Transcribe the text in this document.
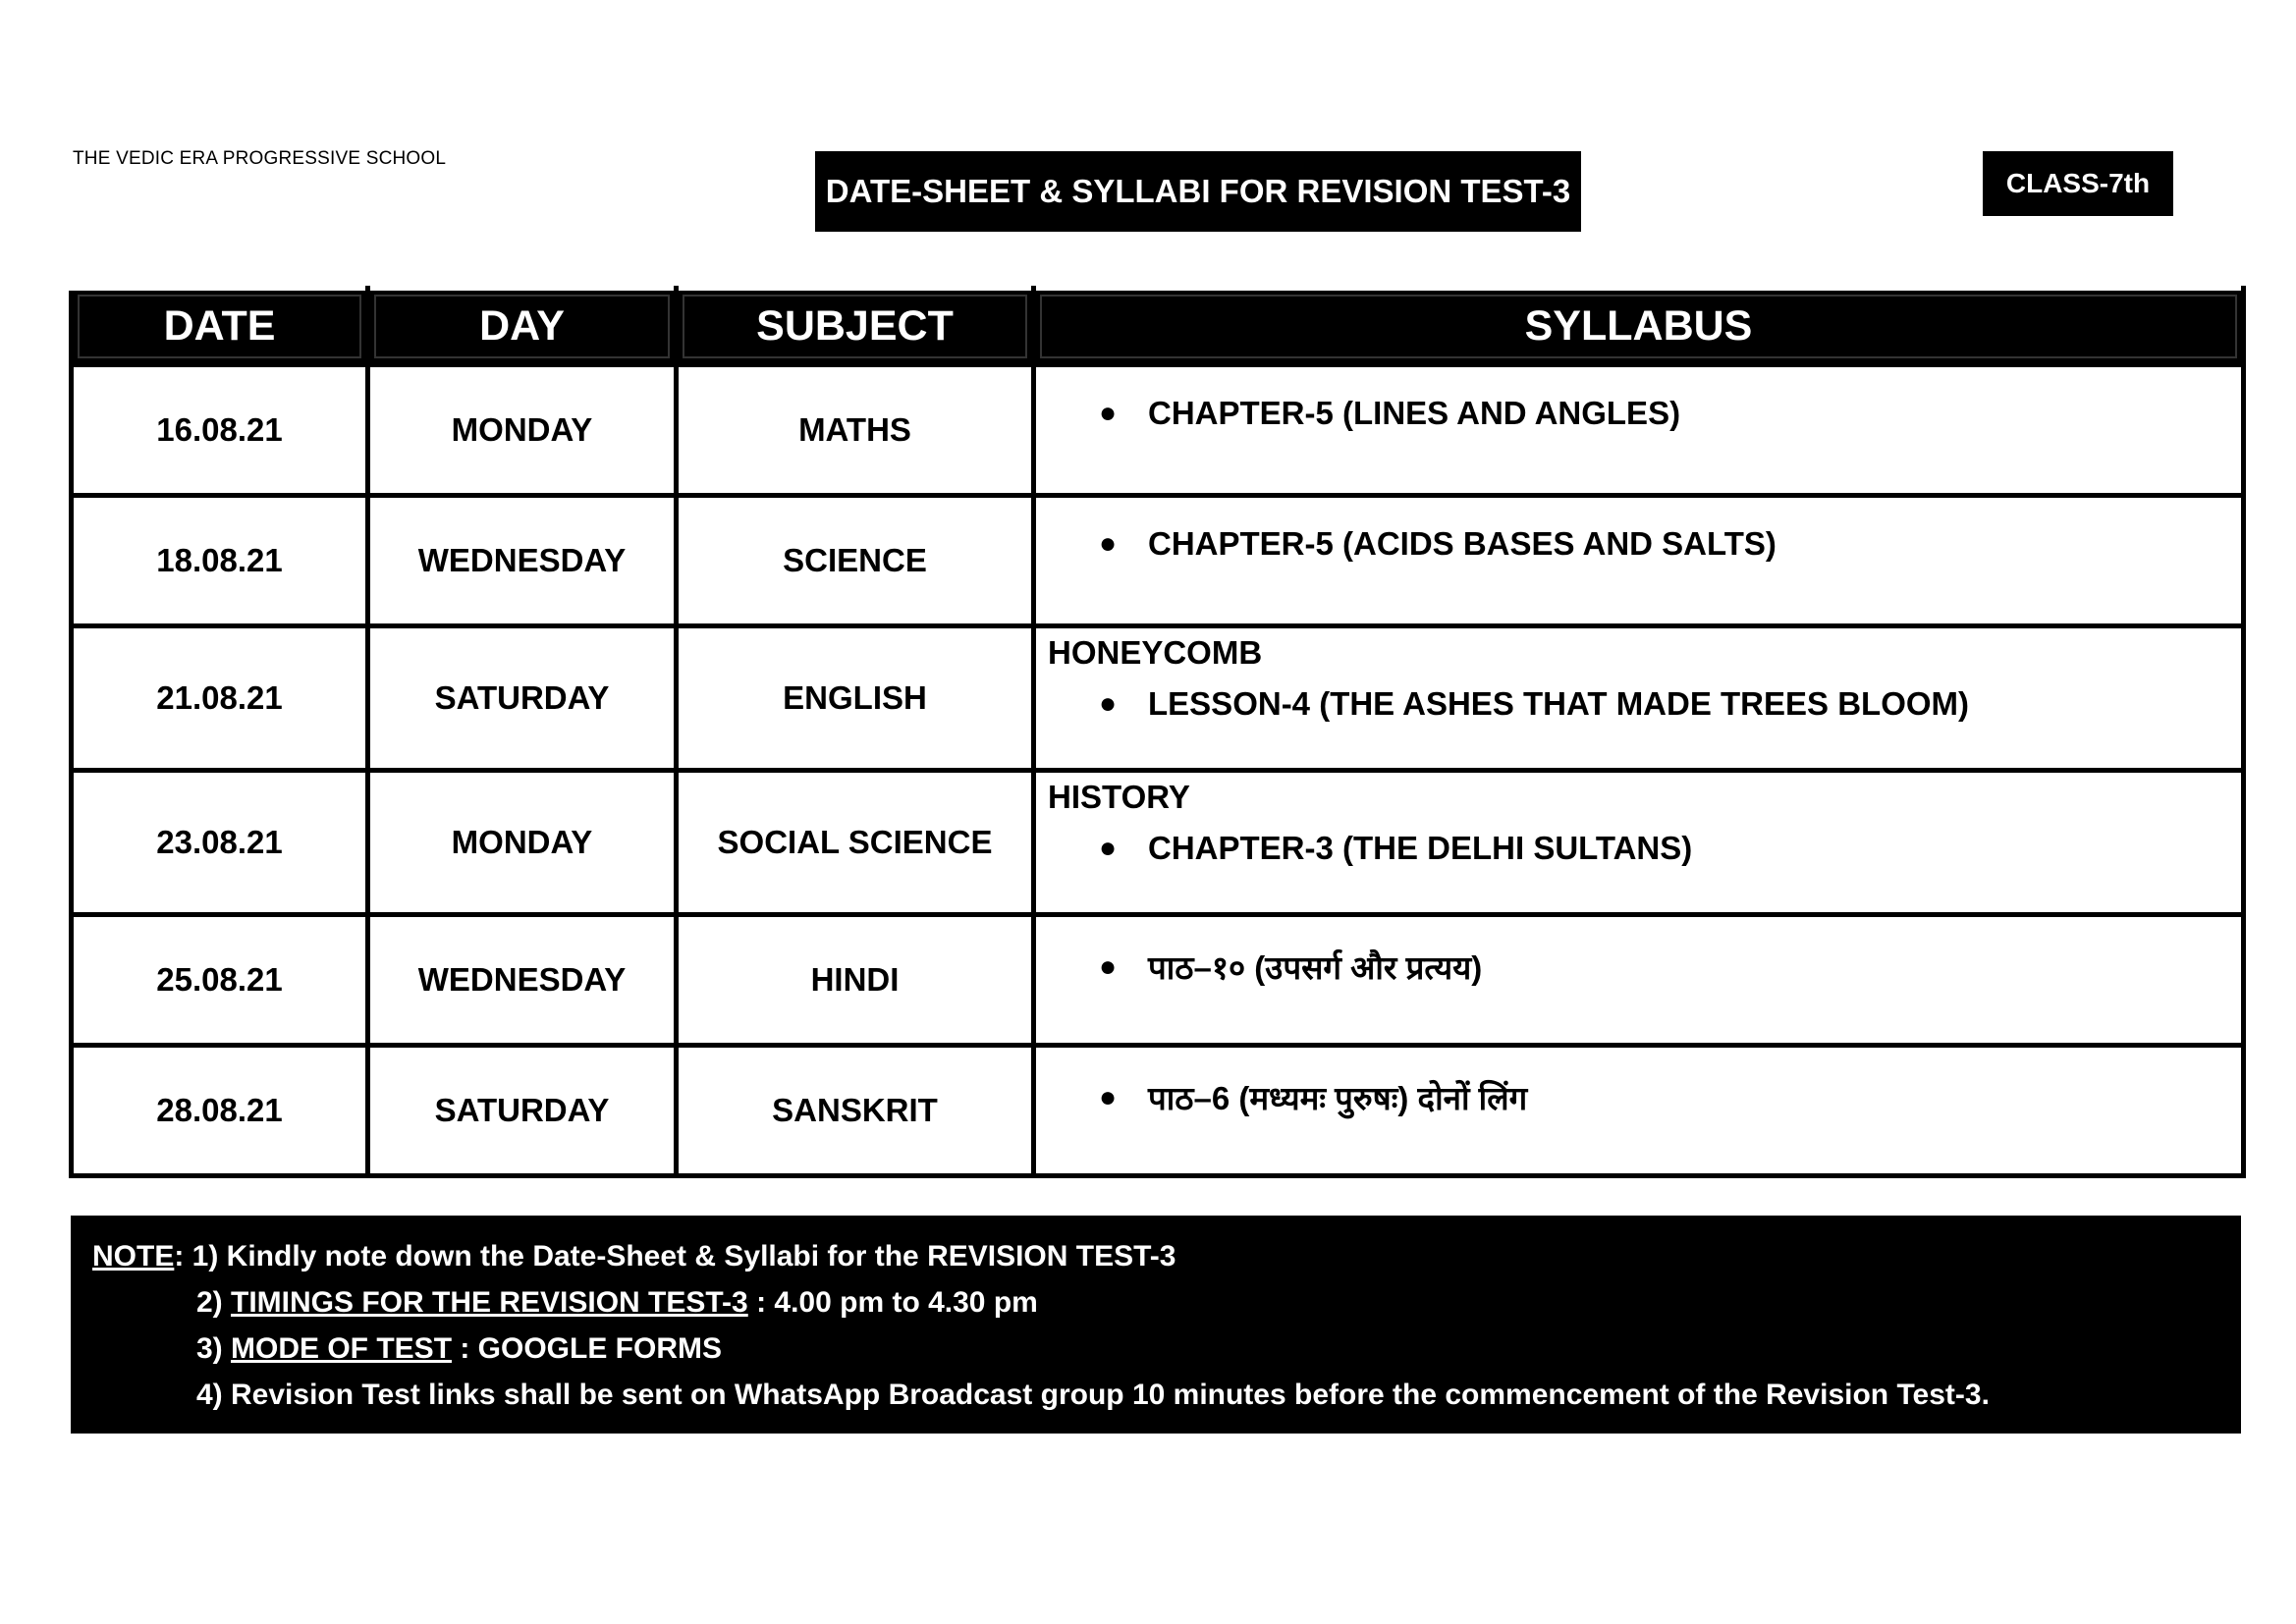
THE VEDIC ERA PROGRESSIVE SCHOOL
DATE-SHEET & SYLLABI FOR REVISION TEST-3	CLASS-7th
DATE	DAY	SUBJECT	SYLLABUS
16.08.21	MONDAY	MATHS	● CHAPTER-5 (LINES AND ANGLES)

18.08.21	WEDNESDAY	SCIENCE	● CHAPTER-5 (ACIDS BASES AND SALTS)

21.08.21	SATURDAY	ENGLISH	HONEYCOMB
● LESSON-4 (THE ASHES THAT MADE TREES BLOOM)

23.08.21	MONDAY	SOCIAL SCIENCE	HISTORY
● CHAPTER-3 (THE DELHI SULTANS)

25.08.21	WEDNESDAY	HINDI	● पाठ–१० (उपसर्ग और प्रत्यय)

28.08.21	SATURDAY	SANSKRIT	● पाठ–6 (मध्यमः पुरुषः) दोनों लिंग
NOTE: 1) Kindly note down the Date-Sheet & Syllabi for the REVISION TEST-3
2) TIMINGS FOR THE REVISION TEST-3 : 4.00 pm to 4.30 pm
3) MODE OF TEST : GOOGLE FORMS
4) Revision Test links shall be sent on WhatsApp Broadcast group 10 minutes before the commencement of the Revision Test-3.
